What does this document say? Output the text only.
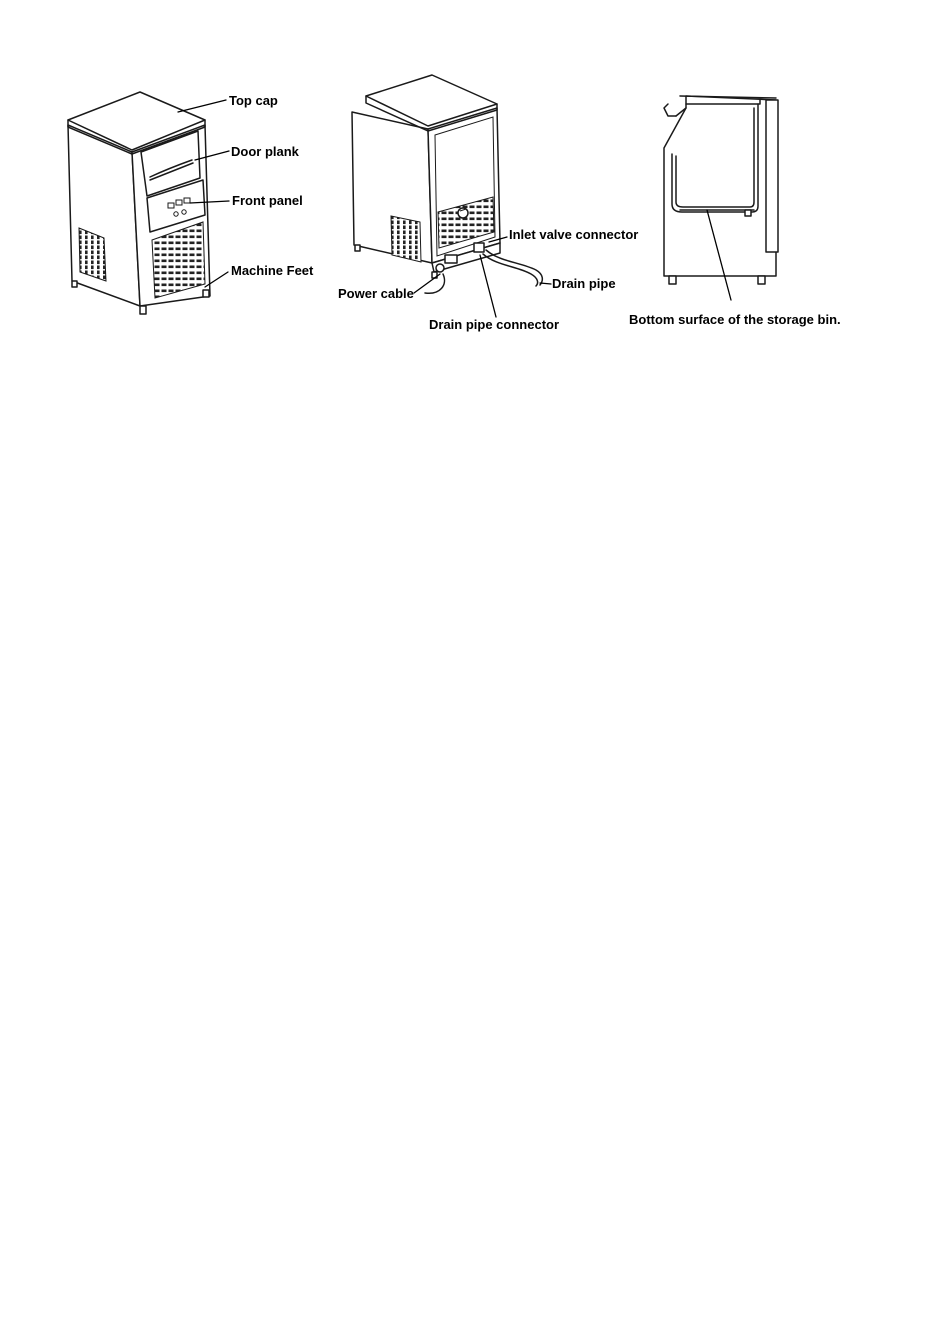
Top cap
Door plank
Front panel
Machine Feet
Inlet valve connector
Drain pipe
Power cable
Drain pipe connector	Bottom surface of the storage bin.
